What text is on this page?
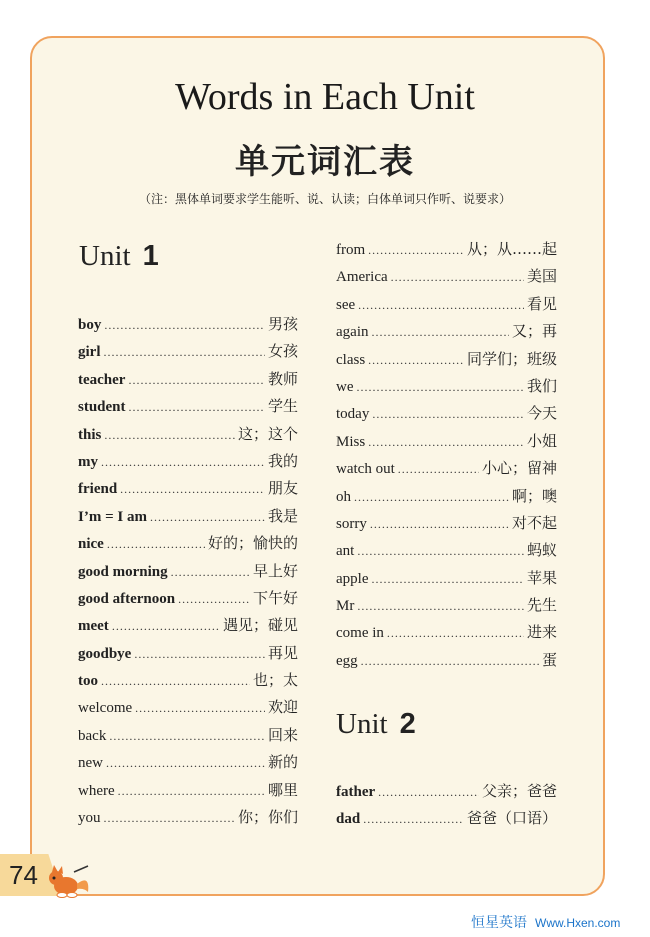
Words in Each Unit
单元词汇表
（注：黑体单词要求学生能听、说、认读；白体单词只作听、说要求）
Unit 1
boy .....	男孩
girl .....	女孩
teacher .....	教师
student .....	学生
this .....	这；这个
my .....	我的
friend .....	朋友
I’m = I am .....	我是
nice .....	好的；愉快的
good morning .....	早上好
good afternoon .....	下午好
meet .....	遇见；碰见
goodbye .....	再见
too .....	也；太
welcome .....	欢迎
back .....	回来
new .....	新的
where .....	哪里
you .....	你；你们
from .....	从；从……起
America .....	美国
see .....	看见
again .....	又；再
class .....	同学们；班级
we .....	我们
today .....	今天
Miss .....	小姐
watch out .....	小心；留神
oh .....	啊；噢
sorry .....	对不起
ant .....	蚂蚁
apple .....	苹果
Mr .....	先生
come in .....	进来
egg .....	蛋
Unit 2
father .....	父亲；爸爸
dad .....	爸爸（口语）
74
恒星英语 Www.Hxen.com
